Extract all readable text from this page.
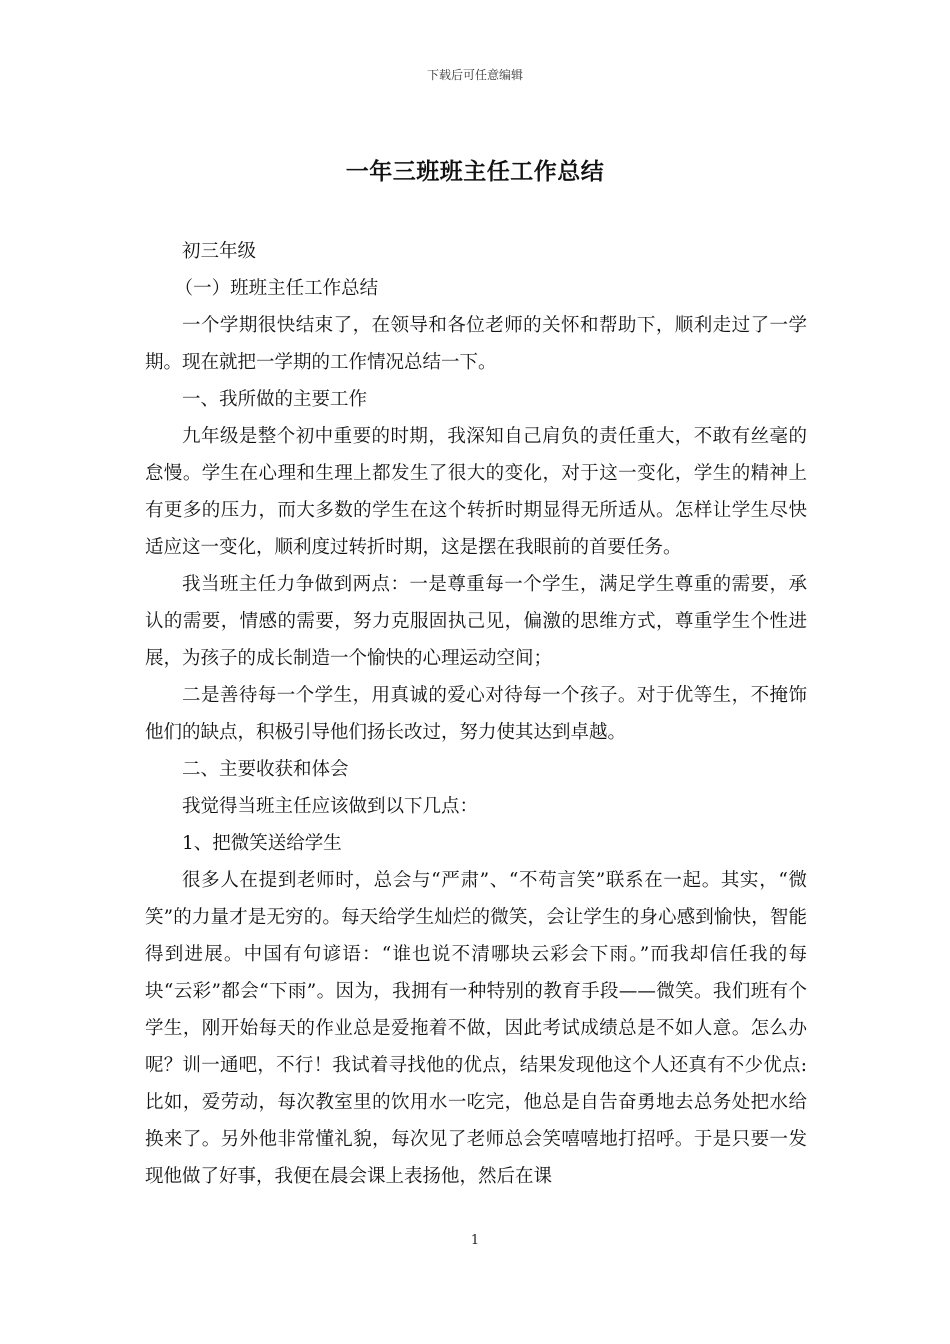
下载后可任意编辑
一年三班班主任工作总结

初三年级

（一）班班主任工作总结

一个学期很快结束了，在领导和各位老师的关怀和帮助下，顺利走过了一学期。现在就把一学期的工作情况总结一下。

一、我所做的主要工作

九年级是整个初中重要的时期，我深知自己肩负的责任重大，不敢有丝毫的怠慢。学生在心理和生理上都发生了很大的变化，对于这一变化，学生的精神上有更多的压力，而大多数的学生在这个转折时期显得无所适从。怎样让学生尽快适应这一变化，顺利度过转折时期，这是摆在我眼前的首要任务。

我当班主任力争做到两点：一是尊重每一个学生，满足学生尊重的需要，承认的需要，情感的需要，努力克服固执己见，偏激的思维方式，尊重学生个性进展，为孩子的成长制造一个愉快的心理运动空间；

二是善待每一个学生，用真诚的爱心对待每一个孩子。对于优等生，不掩饰他们的缺点，积极引导他们扬长改过，努力使其达到卓越。

二、主要收获和体会

我觉得当班主任应该做到以下几点：

1、把微笑送给学生

很多人在提到老师时，总会与“严肃”、“不苟言笑”联系在一起。其实，“微笑”的力量才是无穷的。每天给学生灿烂的微笑，会让学生的身心感到愉快，智能得到进展。中国有句谚语：“谁也说不清哪块云彩会下雨。”而我却信任我的每块“云彩”都会“下雨”。因为，我拥有一种特别的教育手段——微笑。我们班有个学生，刚开始每天的作业总是爱拖着不做，因此考试成绩总是不如人意。怎么办呢？训一通吧，不行！我试着寻找他的优点，结果发现他这个人还真有不少优点:比如，爱劳动，每次教室里的饮用水一吃完，他总是自告奋勇地去总务处把水给换来了。另外他非常懂礼貌，每次见了老师总会笑嘻嘻地打招呼。于是只要一发现他做了好事，我便在晨会课上表扬他，然后在课

1
